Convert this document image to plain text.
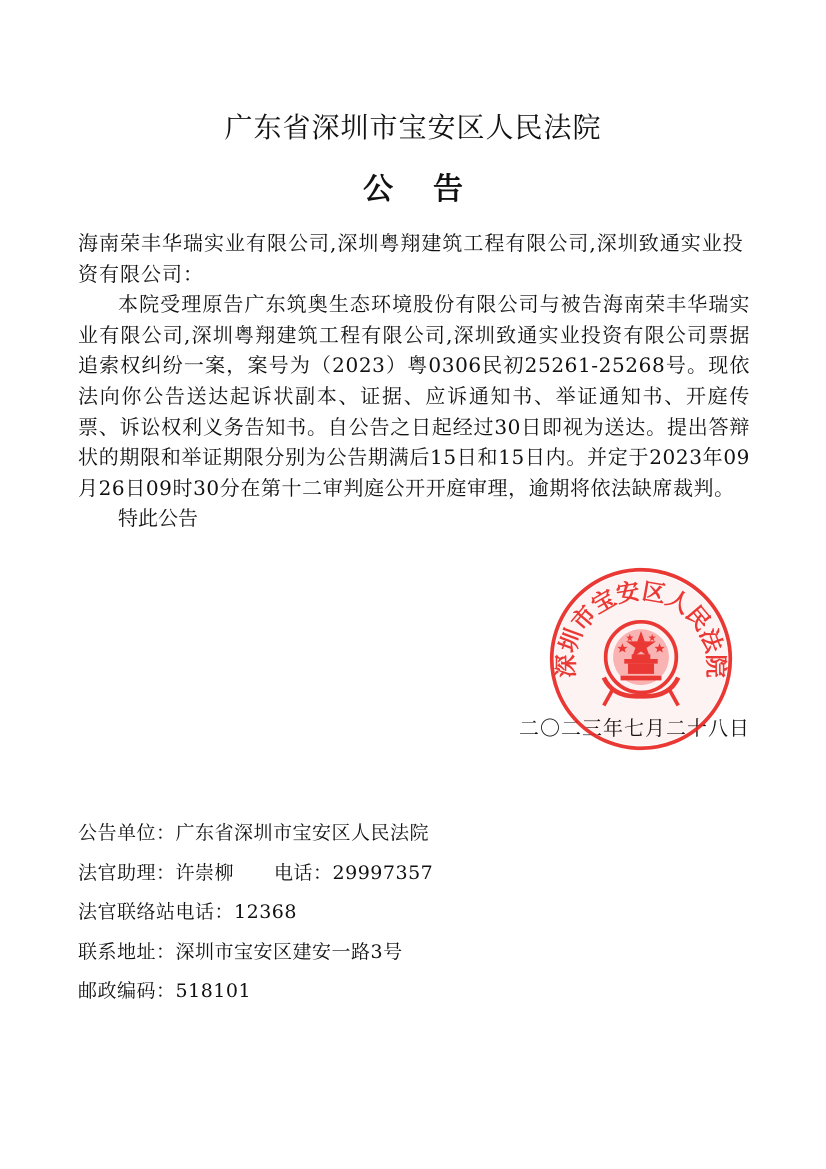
广东省深圳市宝安区人民法院
公告

海南荣丰华瑞实业有限公司,深圳粤翔建筑工程有限公司,深圳致通实业投资有限公司：

本院受理原告广东筑奥生态环境股份有限公司与被告海南荣丰华瑞实业有限公司,深圳粤翔建筑工程有限公司,深圳致通实业投资有限公司票据追索权纠纷一案，案号为（2023）粤0306民初25261-25268号。现依法向你公告送达起诉状副本、证据、应诉通知书、举证通知书、开庭传票、诉讼权利义务告知书。自公告之日起经过30日即视为送达。提出答辩状的期限和举证期限分别为公告期满后15日和15日内。并定于2023年09月26日09时30分在第十二审判庭公开开庭审理，逾期将依法缺席裁判。

特此公告

深圳市宝安区人民法院
二〇二三年七月二十八日
公告单位：广东省深圳市宝安区人民法院
法官助理：许崇柳 电话：29997357
法官联络站电话：12368
联系地址：深圳市宝安区建安一路3号
邮政编码：518101
